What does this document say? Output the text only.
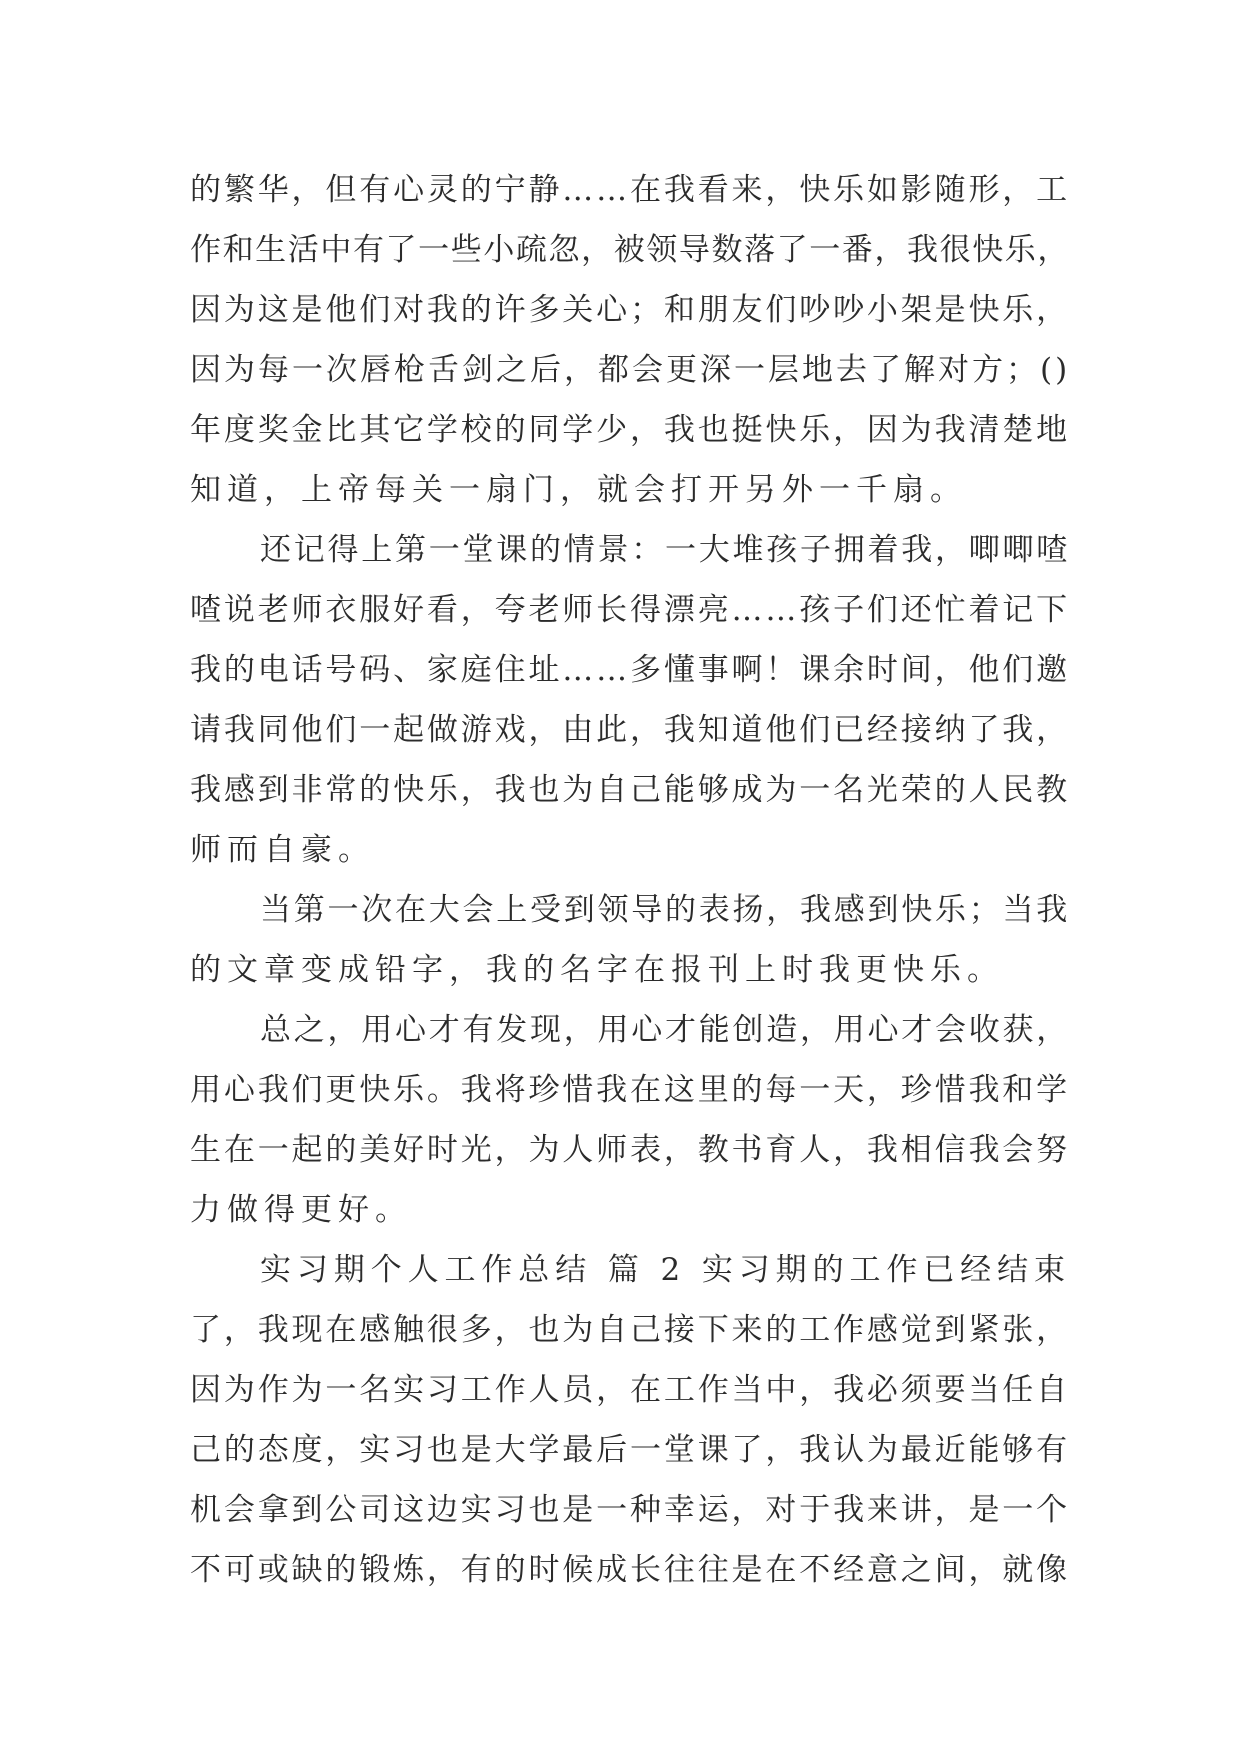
的繁华，但有心灵的宁静……在我看来，快乐如影随形，工
作和生活中有了一些小疏忽，被领导数落了一番，我很快乐，
因为这是他们对我的许多关心；和朋友们吵吵小架是快乐，
因为每一次唇枪舌剑之后，都会更深一层地去了解对方；()
年度奖金比其它学校的同学少，我也挺快乐，因为我清楚地
知道，上帝每关一扇门，就会打开另外一千扇。
还记得上第一堂课的情景：一大堆孩子拥着我，唧唧喳
喳说老师衣服好看，夸老师长得漂亮……孩子们还忙着记下
我的电话号码、家庭住址……多懂事啊！课余时间，他们邀
请我同他们一起做游戏，由此，我知道他们已经接纳了我，
我感到非常的快乐，我也为自己能够成为一名光荣的人民教
师而自豪。
当第一次在大会上受到领导的表扬，我感到快乐；当我
的文章变成铅字，我的名字在报刊上时我更快乐。
总之，用心才有发现，用心才能创造，用心才会收获，
用心我们更快乐。我将珍惜我在这里的每一天，珍惜我和学
生在一起的美好时光，为人师表，教书育人，我相信我会努
力做得更好。
实习期个人工作总结 篇 2 实习期的工作已经结束
了，我现在感触很多，也为自己接下来的工作感觉到紧张，
因为作为一名实习工作人员，在工作当中，我必须要当任自
己的态度，实习也是大学最后一堂课了，我认为最近能够有
机会拿到公司这边实习也是一种幸运，对于我来讲，是一个
不可或缺的锻炼，有的时候成长往往是在不经意之间，就像
